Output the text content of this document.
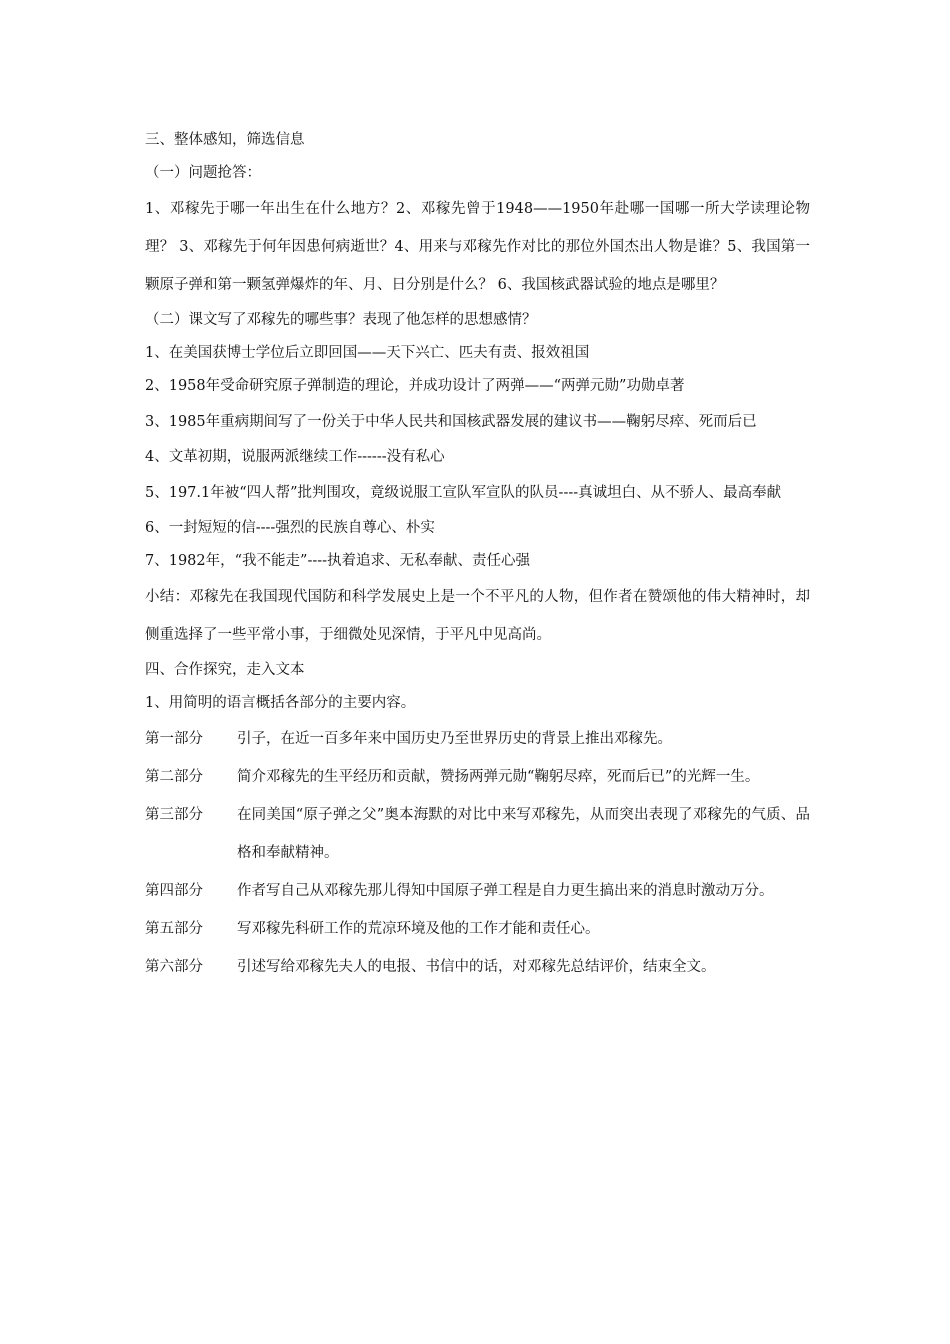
三、整体感知，筛选信息
（一）问题抢答：

1、邓稼先于哪一年出生在什么地方？2、邓稼先曾于1948——1950年赴哪一国哪一所大学读理论物理？ 3、邓稼先于何年因患何病逝世？4、用来与邓稼先作对比的那位外国杰出人物是谁？5、我国第一颗原子弹和第一颗氢弹爆炸的年、月、日分别是什么？ 6、我国核武器试验的地点是哪里？

（二）课文写了邓稼先的哪些事？表现了他怎样的思想感情？
1、在美国获博士学位后立即回国——天下兴亡、匹夫有责、报效祖国
2、1958年受命研究原子弹制造的理论，并成功设计了两弹——“两弹元勋”功勋卓著

3、1985年重病期间写了一份关于中华人民共和国核武器发展的建议书——鞠躬尽瘁、死而后已

4、文革初期，说服两派继续工作------没有私心

5、197.1年被“四人帮”批判围攻，竟级说服工宣队军宣队的队员----真诚坦白、从不骄人、最高奉献

6、一封短短的信----强烈的民族自尊心、朴实
7、1982年，“我不能走”----执着追求、无私奉献、责任心强

小结：邓稼先在我国现代国防和科学发展史上是一个不平凡的人物，但作者在赞颂他的伟大精神时，却侧重选择了一些平常小事，于细微处见深情，于平凡中见高尚。

四、合作探究，走入文本
1、用简明的语言概括各部分的主要内容。
第一部分	引子，在近一百多年来中国历史乃至世界历史的背景上推出邓稼先。
第二部分	简介邓稼先的生平经历和贡献，赞扬两弹元勋“鞠躬尽瘁，死而后已”的光辉一生。
第三部分	在同美国“原子弹之父”奥本海默的对比中来写邓稼先，从而突出表现了邓稼先的气质、品格和奉献精神。
第四部分	作者写自己从邓稼先那儿得知中国原子弹工程是自力更生搞出来的消息时激动万分。
第五部分	写邓稼先科研工作的荒凉环境及他的工作才能和责任心。
第六部分	引述写给邓稼先夫人的电报、书信中的话，对邓稼先总结评价，结束全文。
